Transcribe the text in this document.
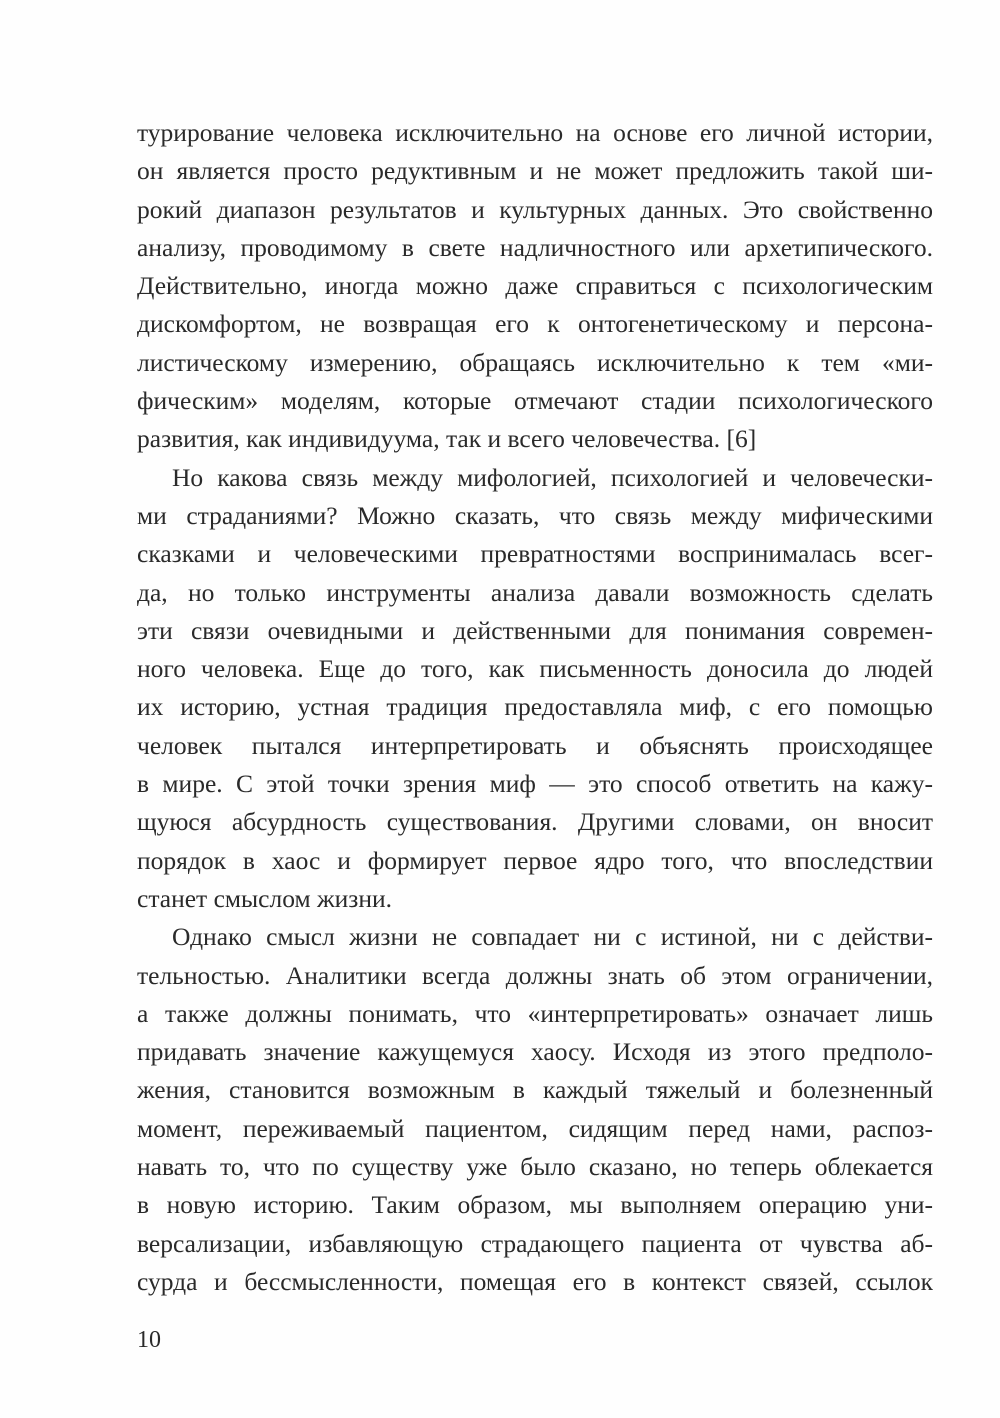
турирование человека исключительно на основе его личной истории,
он является просто редуктивным и не может предложить такой ши-
рокий диапазон результатов и культурных данных. Это свойственно
анализу, проводимому в свете надличностного или архетипического.
Действительно, иногда можно даже справиться с психологическим
дискомфортом, не возвращая его к онтогенетическому и персона-
листическому измерению, обращаясь исключительно к тем «ми-
фическим» моделям, которые отмечают стадии психологического
развития, как индивидуума, так и всего человечества. [6]
Но какова связь между мифологией, психологией и человечески-
ми страданиями? Можно сказать, что связь между мифическими
сказками и человеческими превратностями воспринималась всег-
да, но только инструменты анализа давали возможность сделать
эти связи очевидными и действенными для понимания современ-
ного человека. Еще до того, как письменность доносила до людей
их историю, устная традиция предоставляла миф, с его помощью
человек пытался интерпретировать и объяснять происходящее
в мире. С этой точки зрения миф — это способ ответить на кажу-
щуюся абсурдность существования. Другими словами, он вносит
порядок в хаос и формирует первое ядро того, что впоследствии
станет смыслом жизни.
Однако смысл жизни не совпадает ни с истиной, ни с действи-
тельностью. Аналитики всегда должны знать об этом ограничении,
а также должны понимать, что «интерпретировать» означает лишь
придавать значение кажущемуся хаосу. Исходя из этого предполо-
жения, становится возможным в каждый тяжелый и болезненный
момент, переживаемый пациентом, сидящим перед нами, распоз-
навать то, что по существу уже было сказано, но теперь облекается
в новую историю. Таким образом, мы выполняем операцию уни-
версализации, избавляющую страдающего пациента от чувства аб-
сурда и бессмысленности, помещая его в контекст связей, ссылок
10
